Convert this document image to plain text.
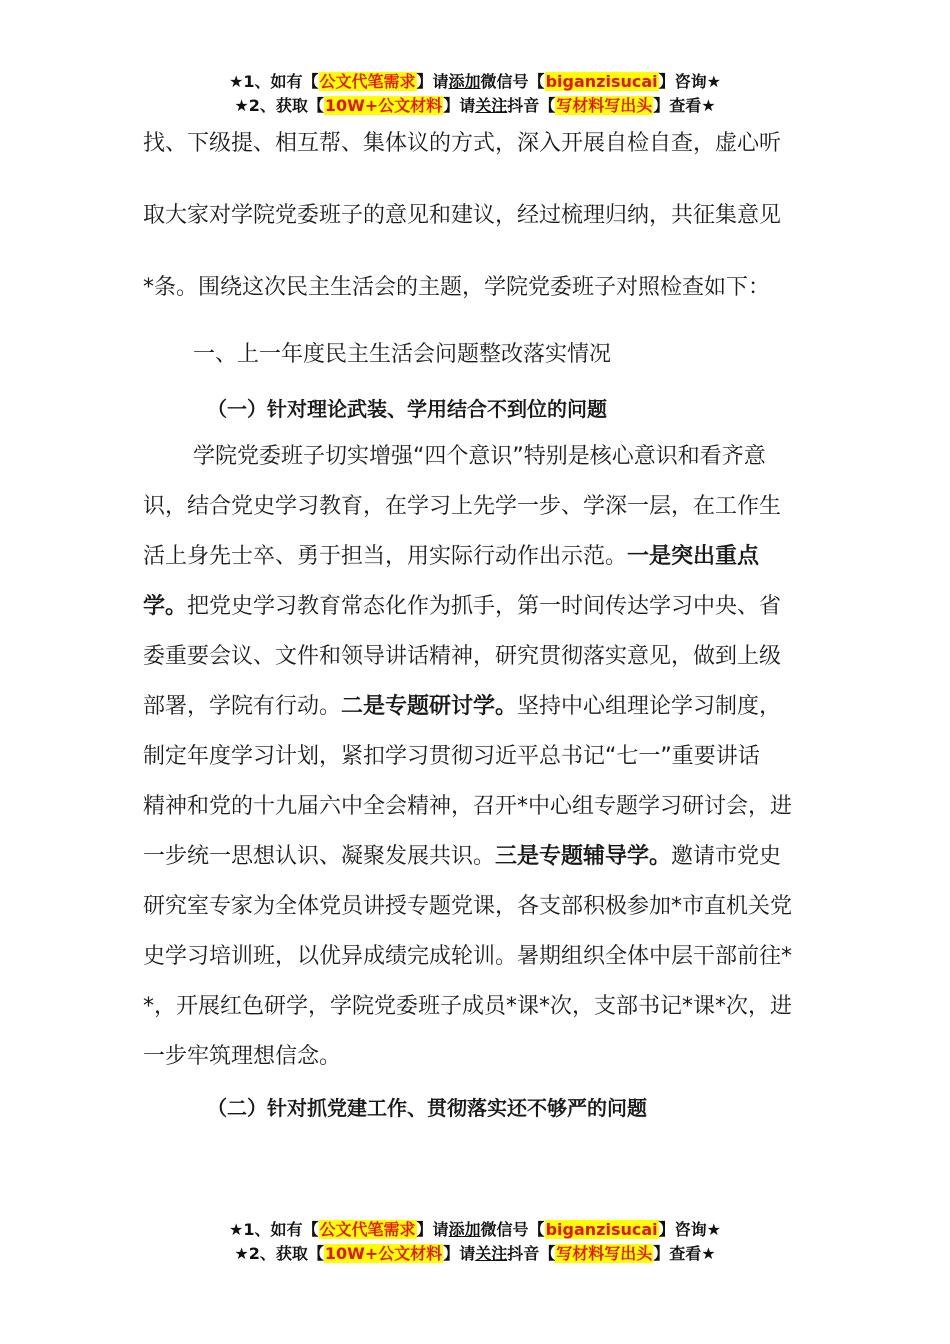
★1、如有【公文代笔需求】请添加微信号【biganzisucai】咨询★
★2、获取【10W+公文材料】请关注抖音【写材料写出头】查看★
找、下级提、相互帮、集体议的方式，深入开展自检自查，虚心听
取大家对学院党委班子的意见和建议，经过梳理归纳，共征集意见
*条。围绕这次民主生活会的主题，学院党委班子对照检查如下：
一、上一年度民主生活会问题整改落实情况
（一）针对理论武装、学用结合不到位的问题
学院党委班子切实增强“四个意识”特别是核心意识和看齐意
识，结合党史学习教育，在学习上先学一步、学深一层，在工作生
活上身先士卒、勇于担当，用实际行动作出示范。一是突出重点
学。把党史学习教育常态化作为抓手，第一时间传达学习中央、省
委重要会议、文件和领导讲话精神，研究贯彻落实意见，做到上级
部署，学院有行动。二是专题研讨学。坚持中心组理论学习制度，
制定年度学习计划，紧扣学习贯彻习近平总书记“七一”重要讲话
精神和党的十九届六中全会精神，召开*中心组专题学习研讨会，进
一步统一思想认识、凝聚发展共识。三是专题辅导学。邀请市党史
研究室专家为全体党员讲授专题党课，各支部积极参加*市直机关党
史学习培训班，以优异成绩完成轮训。暑期组织全体中层干部前往*
*，开展红色研学，学院党委班子成员*课*次，支部书记*课*次，进
一步牢筑理想信念。
（二）针对抓党建工作、贯彻落实还不够严的问题
★1、如有【公文代笔需求】请添加微信号【biganzisucai】咨询★
★2、获取【10W+公文材料】请关注抖音【写材料写出头】查看★
